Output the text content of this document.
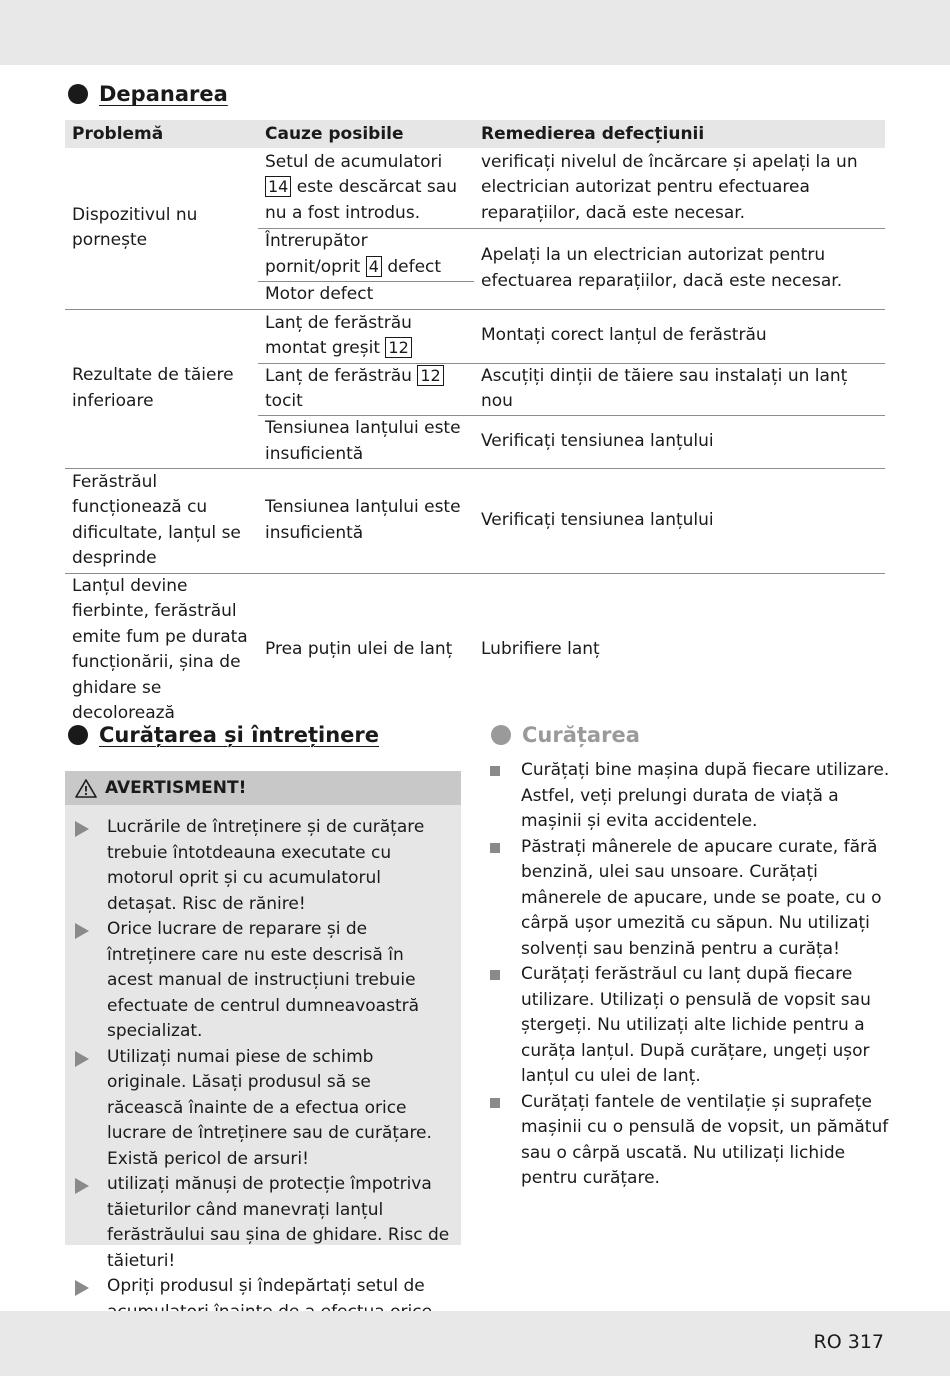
Depanarea
Problemă	Cauze posibile	Remedierea defecțiunii
Dispozitivul nu pornește	Setul de acumulatori 14 este descărcat sau nu a fost introdus.	verificați nivelul de încărcare și apelați la un electrician autorizat pentru efectuarea reparațiilor, dacă este necesar.
	Întrerupător pornit/oprit 4 defect	Apelați la un electrician autorizat pentru efectuarea reparațiilor, dacă este necesar.
	Motor defect	
Rezultate de tăiere inferioare	Lanț de ferăstrău montat greșit 12	Montați corect lanțul de ferăstrău
	Lanț de ferăstrău 12 tocit	Ascuțiți dinții de tăiere sau instalați un lanț nou
	Tensiunea lanțului este insuficientă	Verificați tensiunea lanțului
Ferăstrăul funcționează cu dificultate, lanțul se desprinde	Tensiunea lanțului este insuficientă	Verificați tensiunea lanțului
Lanțul devine fierbinte, ferăstrăul emite fum pe durata funcționării, șina de ghidare se decolorează	Prea puțin ulei de lanț	Lubrifiere lanț
Curățarea și întreținere
AVERTISMENT!
Lucrările de întreținere și de curățare trebuie întotdeauna executate cu motorul oprit și cu acumulatorul detașat. Risc de rănire!
Orice lucrare de reparare și de întreținere care nu este descrisă în acest manual de instrucțiuni trebuie efectuate de centrul dumneavoastră specializat.
Utilizați numai piese de schimb originale. Lăsați produsul să se răcească înainte de a efectua orice lucrare de întreținere sau de curățare. Există pericol de arsuri!
utilizați mănuși de protecție împotriva tăieturilor când manevrați lanțul ferăstrăului sau șina de ghidare. Risc de tăieturi!
Opriți produsul și îndepărtați setul de
Curățarea
Curățați bine mașina după fiecare utilizare. Astfel, veți prelungi durata de viață a mașinii și evita accidentele.
Păstrați mânerele de apucare curate, fără benzină, ulei sau unsoare. Curățați mânerele de apucare, unde se poate, cu o cârpă ușor umezită cu săpun. Nu utilizați solvenți sau benzină pentru a curăța!
Curățați ferăstrăul cu lanț după fiecare utilizare. Utilizați o pensulă de vopsit sau ștergeți. Nu utilizați alte lichide pentru a curăța lanțul. După curățare, ungeți ușor lanțul cu ulei de lanț.
Curățați fantele de ventilație și suprafețe mașinii cu o pensulă de vopsit, un pămătuf sau o cârpă uscată. Nu utilizați lichide pentru curățare.
RO 317
